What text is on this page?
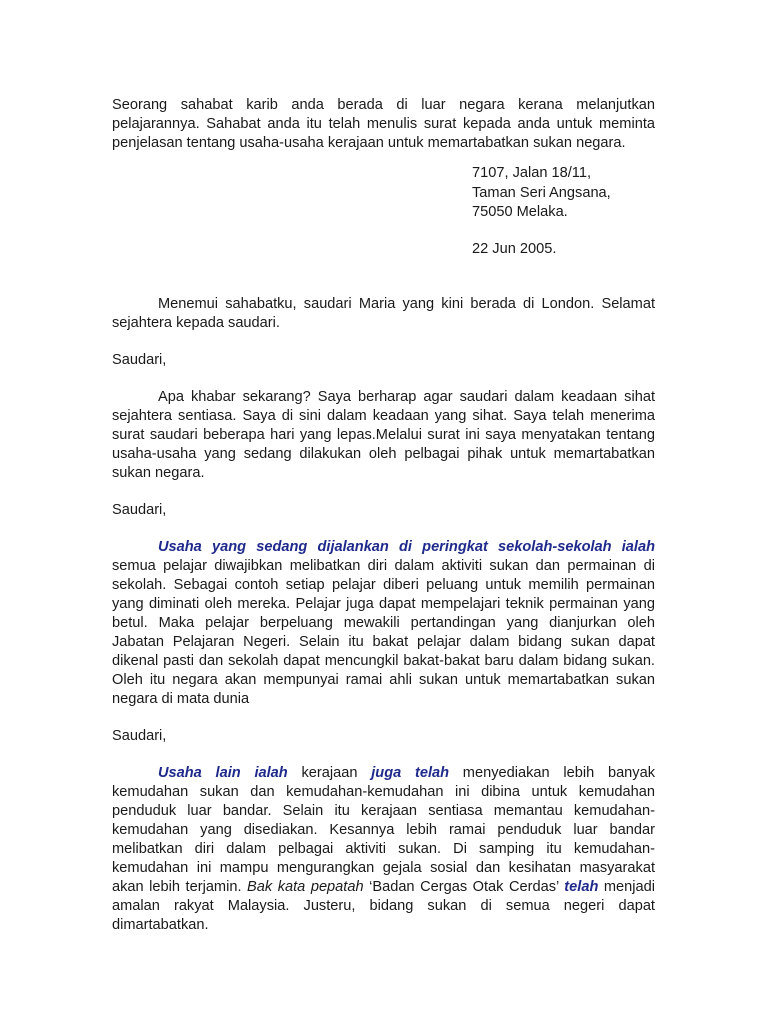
Seorang sahabat karib anda berada di luar negara kerana melanjutkan pelajarannya. Sahabat anda itu telah menulis surat kepada anda untuk meminta penjelasan tentang usaha-usaha kerajaan untuk memartabatkan sukan negara.

7107, Jalan 18/11,
Taman Seri Angsana,
75050 Melaka.
22 Jun 2005.

Menemui sahabatku, saudari Maria yang kini berada di London. Selamat sejahtera kepada saudari.

Saudari,

Apa khabar sekarang? Saya berharap agar saudari dalam keadaan sihat sejahtera sentiasa. Saya di sini dalam keadaan yang sihat. Saya telah menerima surat saudari beberapa hari yang lepas.Melalui surat ini saya menyatakan tentang usaha-usaha yang sedang dilakukan oleh pelbagai pihak untuk memartabatkan sukan negara.

Saudari,

Usaha yang sedang dijalankan di peringkat sekolah-sekolah ialah semua pelajar diwajibkan melibatkan diri dalam aktiviti sukan dan permainan di sekolah. Sebagai contoh setiap pelajar diberi peluang untuk memilih permainan yang diminati oleh mereka. Pelajar juga dapat mempelajari teknik permainan yang betul. Maka pelajar berpeluang mewakili pertandingan yang dianjurkan oleh Jabatan Pelajaran Negeri. Selain itu bakat pelajar dalam bidang sukan dapat dikenal pasti dan sekolah dapat mencungkil bakat-bakat baru dalam bidang sukan. Oleh itu negara akan mempunyai ramai ahli sukan untuk memartabatkan sukan negara di mata dunia

Saudari,

Usaha lain ialah kerajaan juga telah menyediakan lebih banyak kemudahan sukan dan kemudahan-kemudahan ini dibina untuk kemudahan penduduk luar bandar. Selain itu kerajaan sentiasa memantau kemudahan-kemudahan yang disediakan. Kesannya lebih ramai penduduk luar bandar melibatkan diri dalam pelbagai aktiviti sukan. Di samping itu kemudahan-kemudahan ini mampu mengurangkan gejala sosial dan kesihatan masyarakat akan lebih terjamin. Bak kata pepatah ‘Badan Cergas Otak Cerdas’ telah menjadi amalan rakyat Malaysia. Justeru, bidang sukan di semua negeri dapat dimartabatkan.
